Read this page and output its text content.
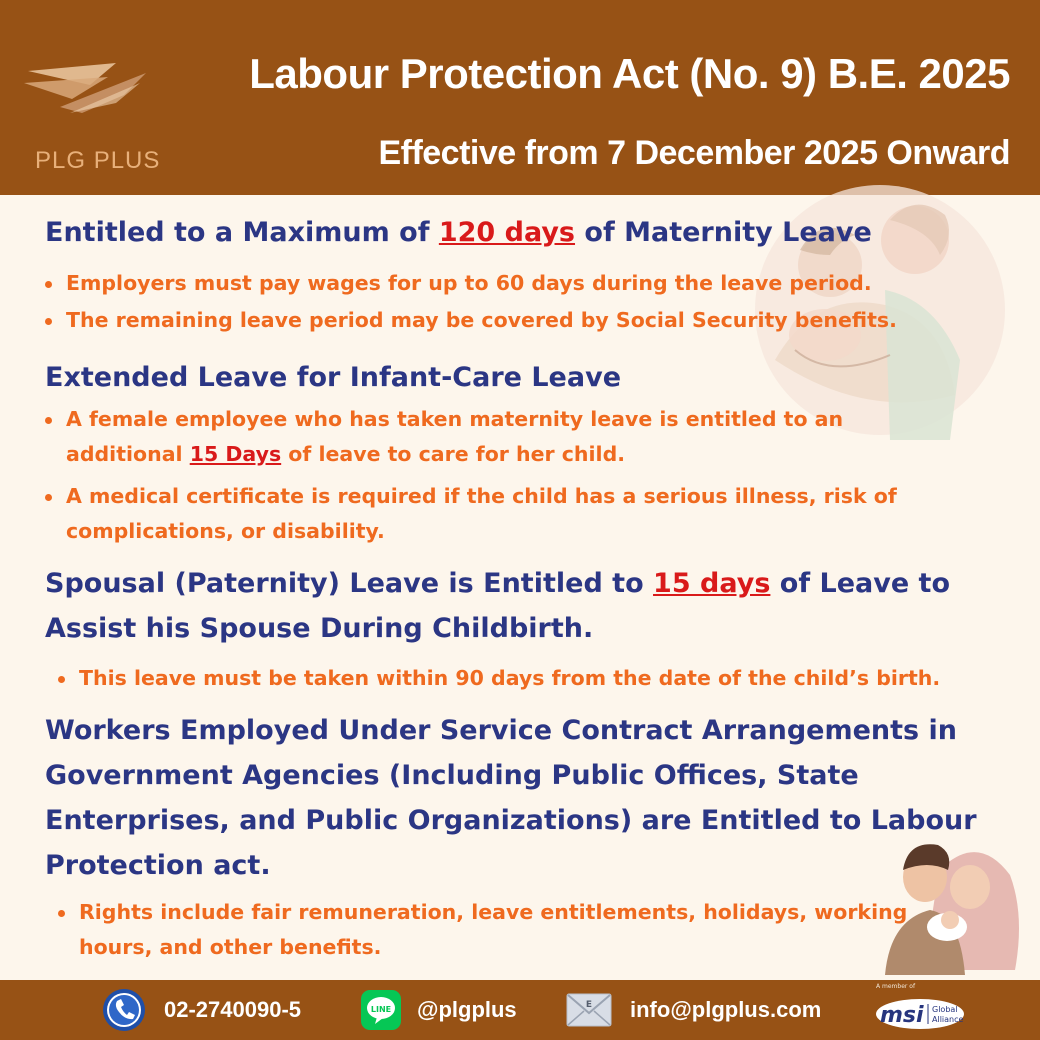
PLG PLUS
Labour Protection Act (No. 9) B.E. 2025
Effective from 7 December 2025 Onward
Entitled to a Maximum of 120 days of Maternity Leave
Employers must pay wages for up to 60 days during the leave period.
The remaining leave period may be covered by Social Security benefits.
Extended Leave for Infant-Care Leave
A female employee who has taken maternity leave is entitled to an
additional 15 Days of leave to care for her child.
A medical certificate is required if the child has a serious illness, risk of
complications, or disability.
Spousal (Paternity) Leave is Entitled to 15 days of Leave to
Assist his Spouse During Childbirth.
This leave must be taken within 90 days from the date of the child’s birth.
Workers Employed Under Service Contract Arrangements in
Government Agencies (Including Public Offices, State
Enterprises, and Public Organizations) are Entitled to Labour
Protection act.
Rights include fair remuneration, leave entitlements, holidays, working
hours, and other benefits.
02-2740090-5	LINE @plgplus	E info@plgplus.com
A member of
msi Global
Alliance
